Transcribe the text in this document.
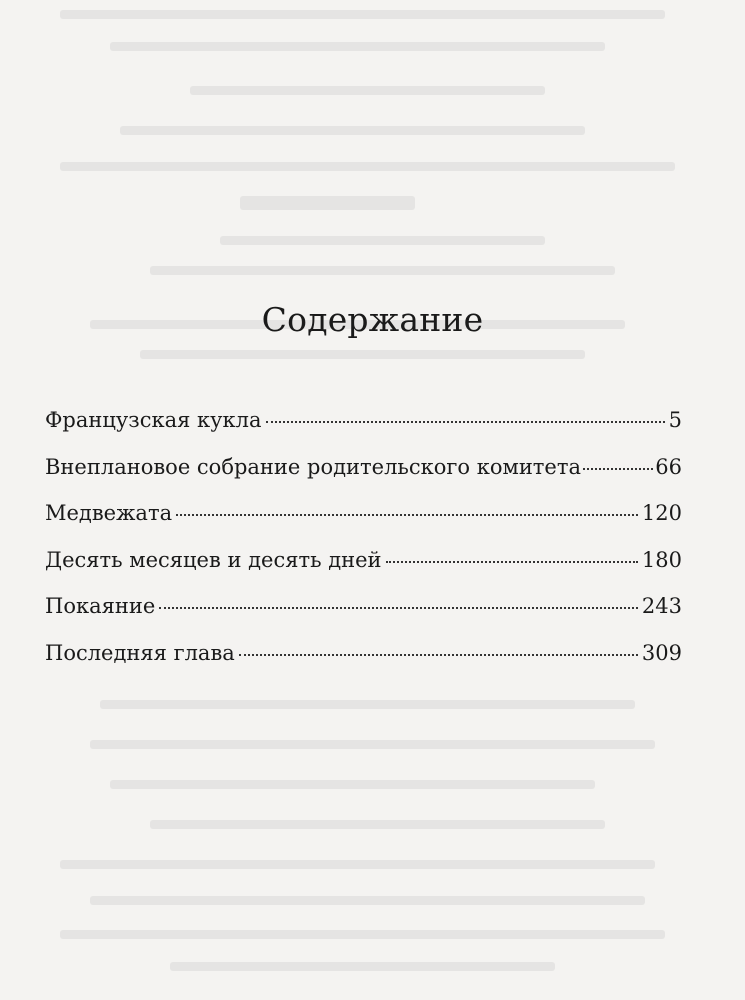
Содержание
Французская кукла	5
Внеплановое собрание родительского комитета	66
Медвежата	120
Десять месяцев и десять дней	180
Покаяние	243
Последняя глава	309
